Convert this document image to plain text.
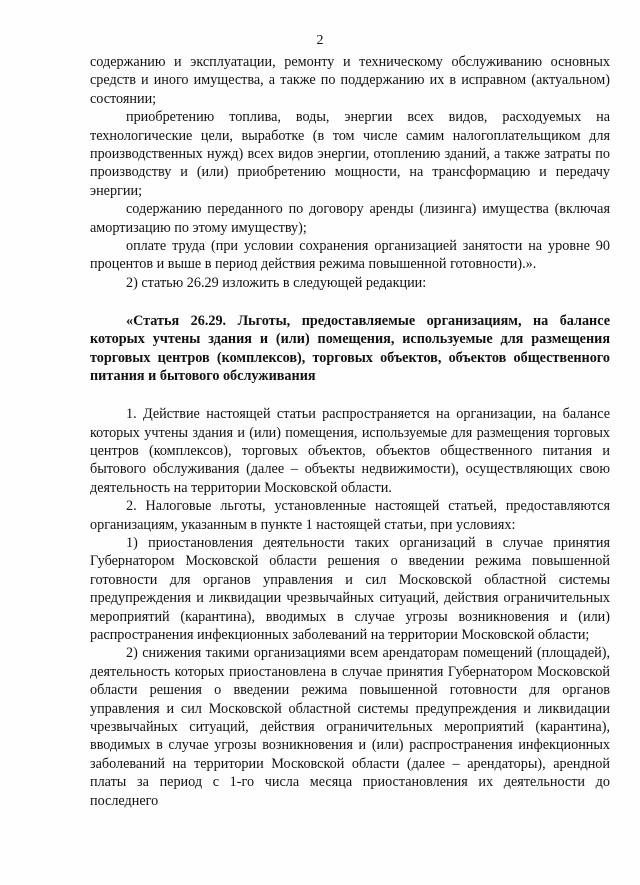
2

содержанию и эксплуатации, ремонту и техническому обслуживанию основных средств и иного имущества, а также по поддержанию их в исправном (актуальном) состоянии;

приобретению топлива, воды, энергии всех видов, расходуемых на технологические цели, выработке (в том числе самим налогоплательщиком для производственных нужд) всех видов энергии, отоплению зданий, а также затраты по производству и (или) приобретению мощности, на трансформацию и передачу энергии;

содержанию переданного по договору аренды (лизинга) имущества (включая амортизацию по этому имуществу);

оплате труда (при условии сохранения организацией занятости на уровне 90 процентов и выше в период действия режима повышенной готовности).».

2) статью 26.29 изложить в следующей редакции:

«Статья 26.29. Льготы, предоставляемые организациям, на балансе которых учтены здания и (или) помещения, используемые для размещения торговых центров (комплексов), торговых объектов, объектов общественного питания и бытового обслуживания

1. Действие настоящей статьи распространяется на организации, на балансе которых учтены здания и (или) помещения, используемые для размещения торговых центров (комплексов), торговых объектов, объектов общественного питания и бытового обслуживания (далее – объекты недвижимости), осуществляющих свою деятельность на территории Московской области.

2. Налоговые льготы, установленные настоящей статьей, предоставляются организациям, указанным в пункте 1 настоящей статьи, при условиях:

1) приостановления деятельности таких организаций в случае принятия Губернатором Московской области решения о введении режима повышенной готовности для органов управления и сил Московской областной системы предупреждения и ликвидации чрезвычайных ситуаций, действия ограничительных мероприятий (карантина), вводимых в случае угрозы возникновения и (или) распространения инфекционных заболеваний на территории Московской области;

2) снижения такими организациями всем арендаторам помещений (площадей), деятельность которых приостановлена в случае принятия Губернатором Московской области решения о введении режима повышенной готовности для органов управления и сил Московской областной системы предупреждения и ликвидации чрезвычайных ситуаций, действия ограничительных мероприятий (карантина), вводимых в случае угрозы возникновения и (или) распространения инфекционных заболеваний на территории Московской области (далее – арендаторы), арендной платы за период с 1-го числа месяца приостановления их деятельности до последнего
